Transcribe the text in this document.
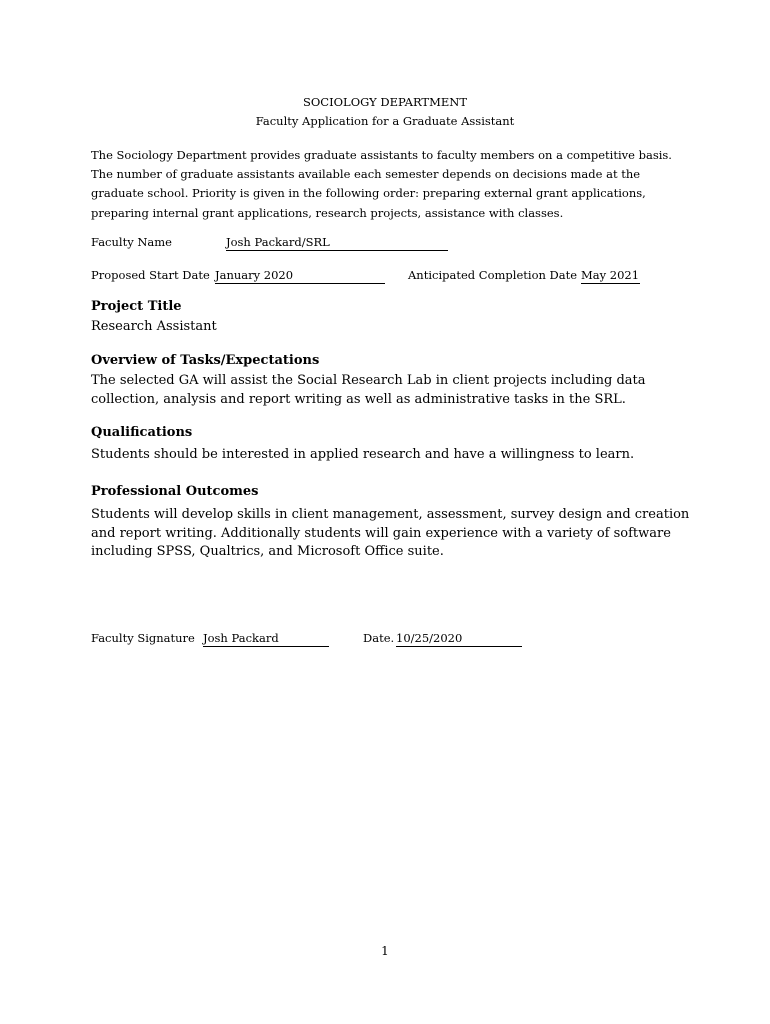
SOCIOLOGY DEPARTMENT
Faculty Application for a Graduate Assistant
The Sociology Department provides graduate assistants to faculty members on a competitive basis. The number of graduate assistants available each semester depends on decisions made at the graduate school. Priority is given in the following order: preparing external grant applications, preparing internal grant applications, research projects, assistance with classes.
Faculty Name	Josh Packard/SRL
Proposed Start Date January 2020	Anticipated Completion Date May 2021
Project Title
Research Assistant
Overview of Tasks/Expectations
The selected GA will assist the Social Research Lab in client projects including data collection, analysis and report writing as well as administrative tasks in the SRL.
Qualifications
Students should be interested in applied research and have a willingness to learn.
Professional Outcomes
Students will develop skills in client management, assessment, survey design and creation and report writing. Additionally students will gain experience with a variety of software including SPSS, Qualtrics, and Microsoft Office suite.
Faculty Signature Josh Packard	Date. 10/25/2020
1
